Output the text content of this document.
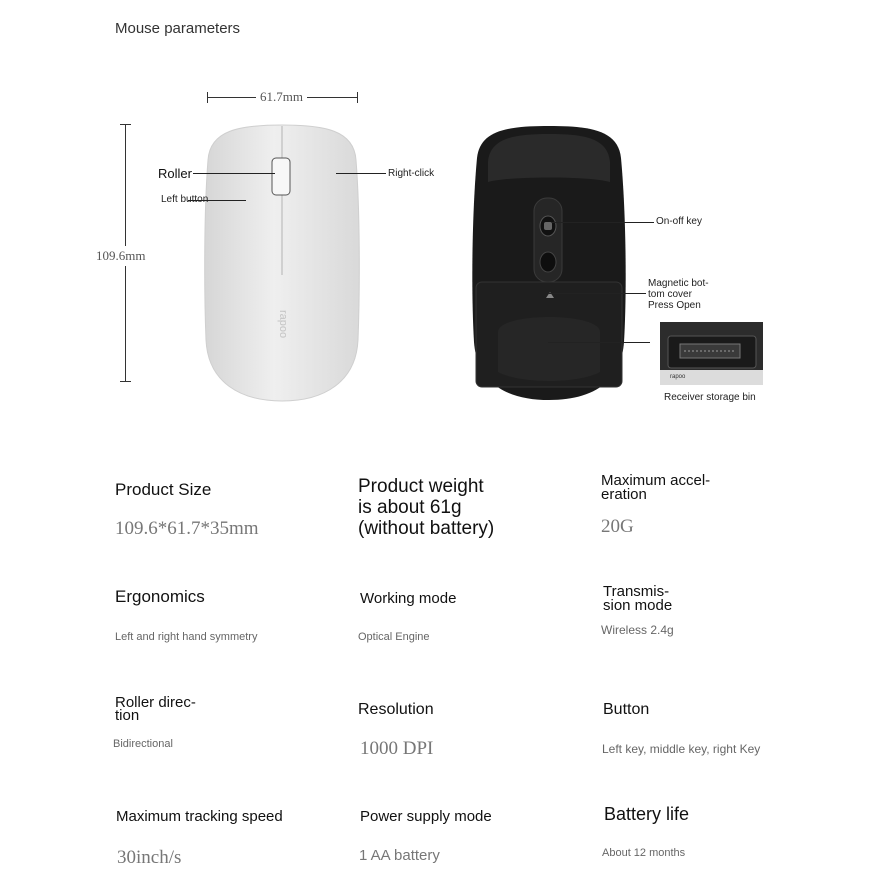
Mouse parameters
61.7mm
109.6mm
rapoo
Roller
Left button
Right-click
On-off key
Magnetic bot-
tom cover
Press Open
rapoo
Receiver storage bin
Product Size
109.6*61.7*35mm
Product weight
is about 61g
(without battery)
Maximum accel-
eration
20G
Ergonomics
Left and right hand symmetry
Working mode
Optical Engine
Transmis-
sion mode
Wireless 2.4g
Roller direc-
tion
Bidirectional
Resolution
1000 DPI
Button
Left key, middle key, right Key
Maximum tracking speed
30inch/s
Power supply mode
1 AA battery
Battery life
About 12 months
